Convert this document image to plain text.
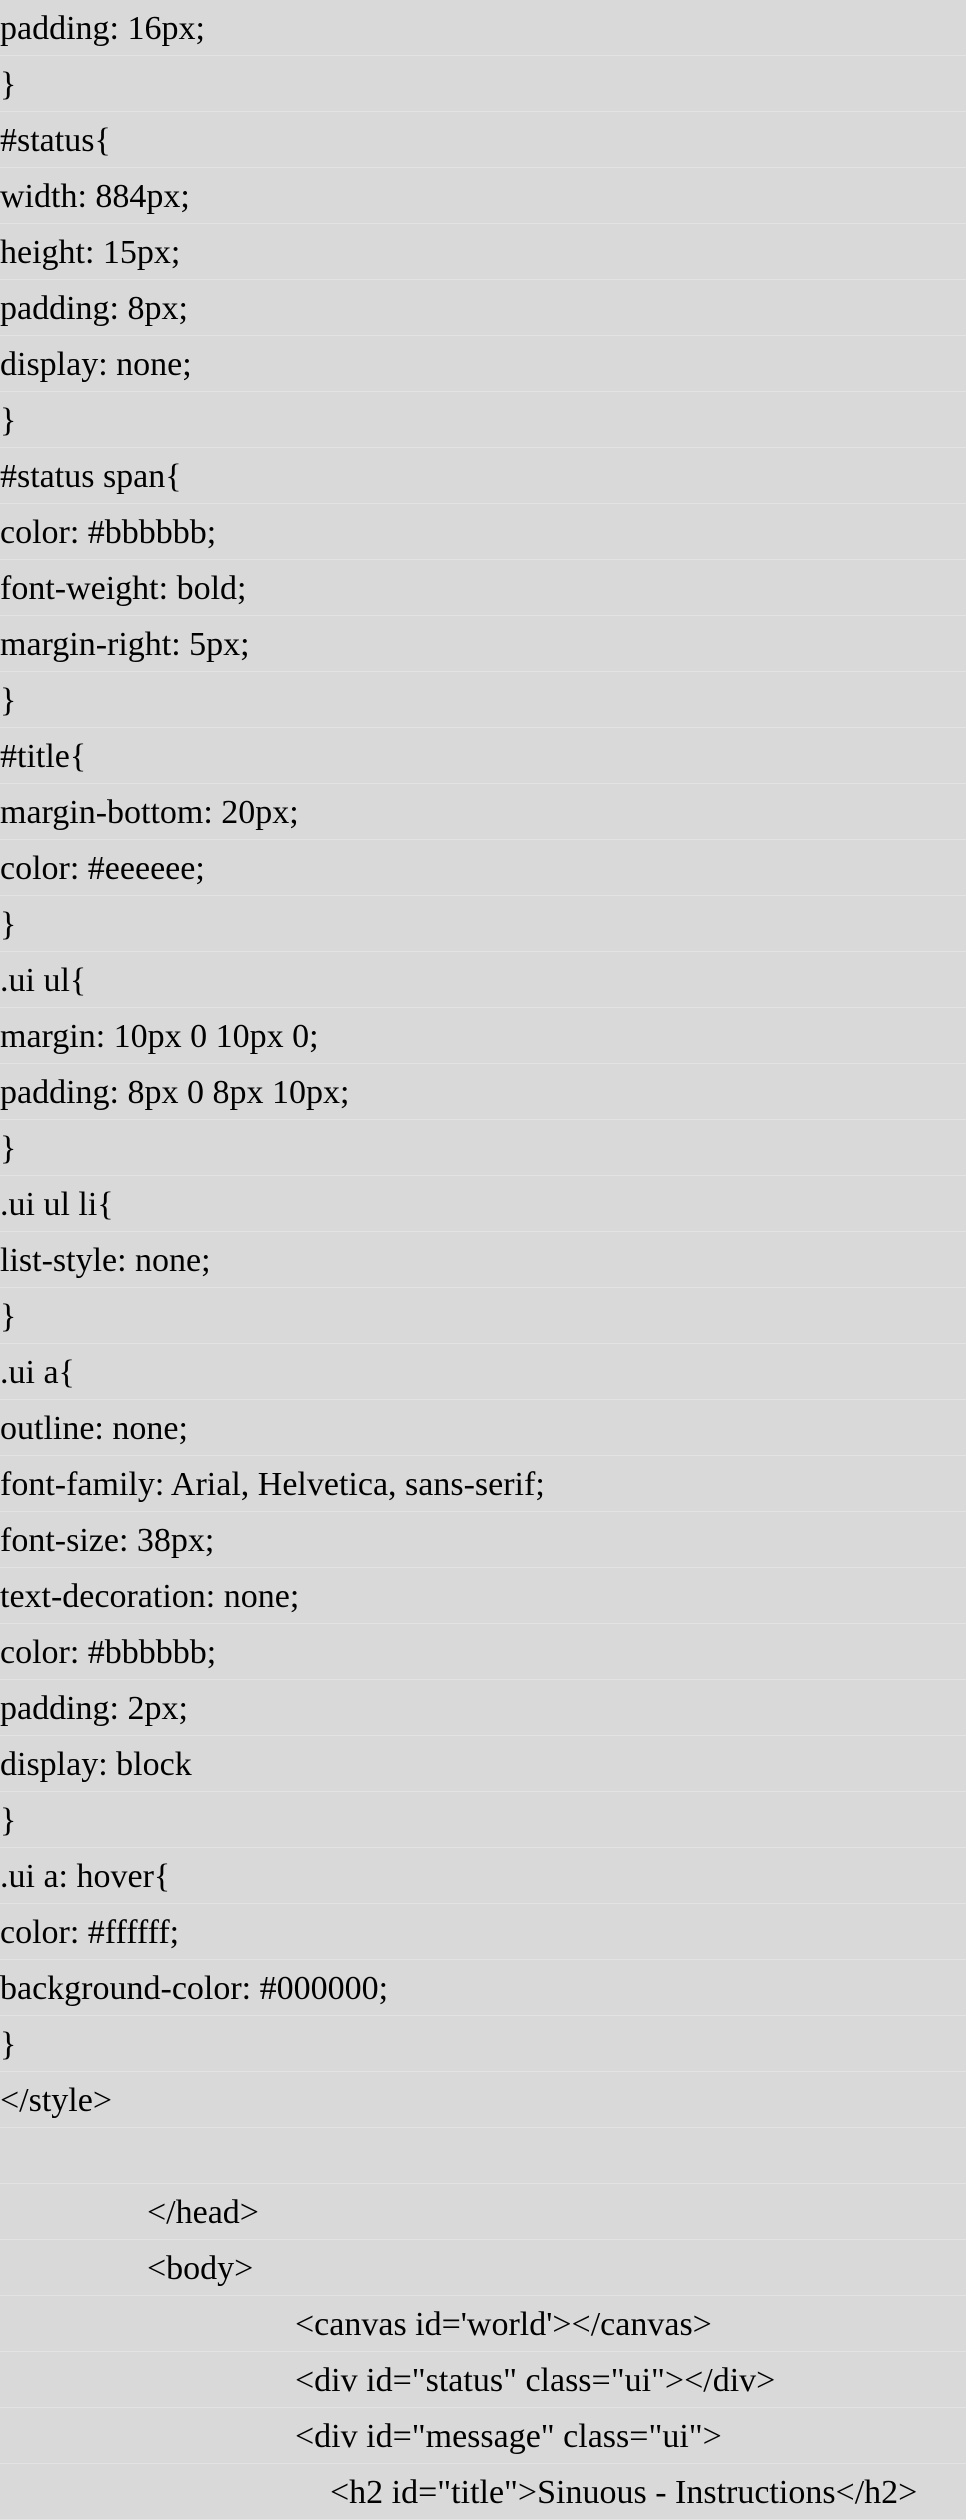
padding: 16px;
}
#status{
width: 884px;
height: 15px;
padding: 8px;
display: none;
}
#status span{
color: #bbbbbb;
font-weight: bold;
margin-right: 5px;
}
#title{
margin-bottom: 20px;
color: #eeeeee;
}
.ui ul{
margin: 10px 0 10px 0;
padding: 8px 0 8px 10px;
}
.ui ul li{
list-style: none;
}
.ui a{
outline: none;
font-family: Arial, Helvetica, sans-serif;
font-size: 38px;
text-decoration: none;
color: #bbbbbb;
padding: 2px;
display: block
}
.ui a: hover{
color: #ffffff;
background-color: #000000;
}
</style>
</head>
<body>
<canvas id='world'></canvas>
<div id="status" class="ui"></div>
<div id="message" class="ui">
<h2 id="title">Sinuous - Instructions</h2>
